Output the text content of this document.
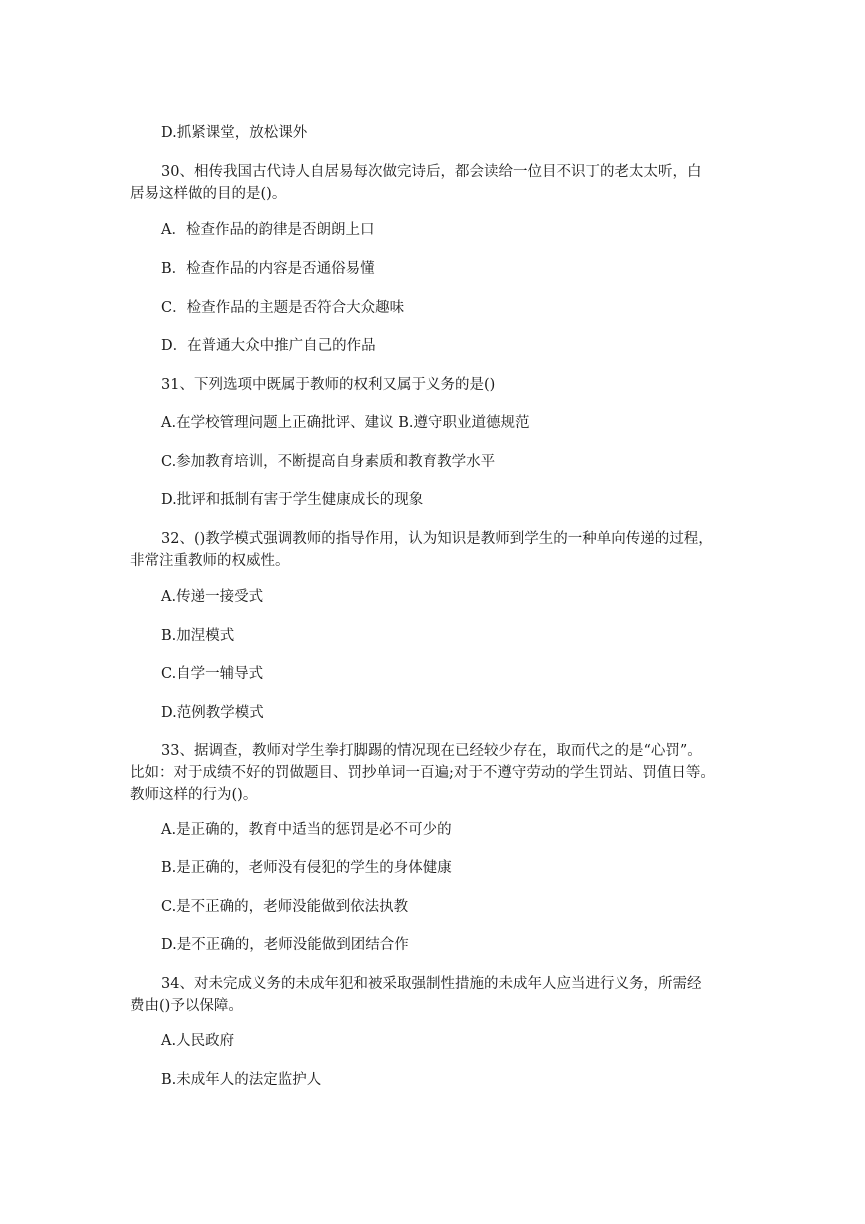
D.抓紧课堂，放松课外
30、相传我国古代诗人自居易每次做完诗后，都会读给一位目不识丁的老太太听，白
居易这样做的目的是()。
A．检查作品的韵律是否朗朗上口
B．检查作品的内容是否通俗易懂
C．检查作品的主题是否符合大众趣味
D．在普通大众中推广自己的作品
31、下列选项中既属于教师的权利又属于义务的是()
A.在学校管理问题上正确批评、建议 B.遵守职业道德规范
C.参加教育培训，不断提高自身素质和教育教学水平
D.批评和抵制有害于学生健康成长的现象
32、()教学模式强调教师的指导作用，认为知识是教师到学生的一种单向传递的过程，
非常注重教师的权威性。
A.传递一接受式
B.加涅模式
C.自学一辅导式
D.范例教学模式
33、据调查，教师对学生拳打脚踢的情况现在已经较少存在，取而代之的是“心罚”。
比如：对于成绩不好的罚做题目、罚抄单词一百遍;对于不遵守劳动的学生罚站、罚值日等。
教师这样的行为()。
A.是正确的，教育中适当的惩罚是必不可少的
B.是正确的，老师没有侵犯的学生的身体健康
C.是不正确的，老师没能做到依法执教
D.是不正确的，老师没能做到团结合作
34、对未完成义务的未成年犯和被采取强制性措施的未成年人应当进行义务，所需经
费由()予以保障。
A.人民政府
B.未成年人的法定监护人
